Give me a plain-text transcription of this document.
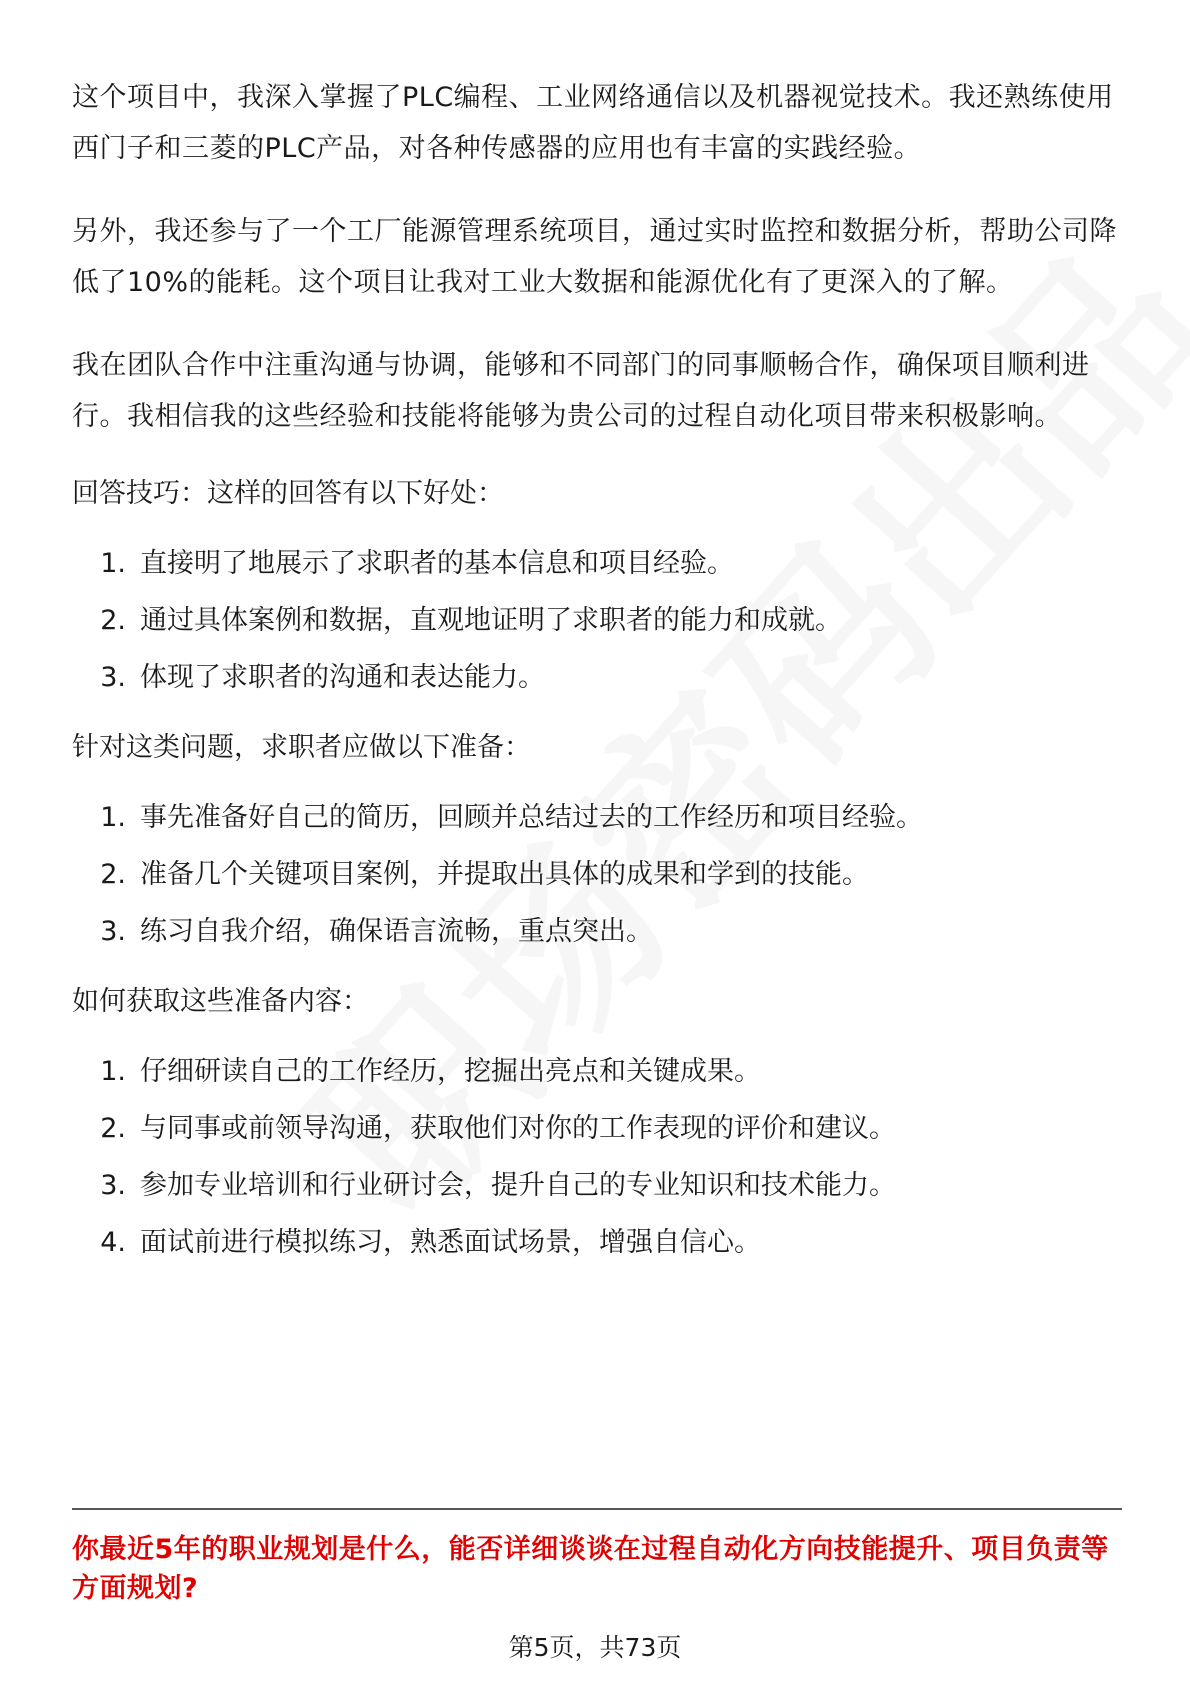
这个项目中，我深入掌握了PLC编程、工业网络通信以及机器视觉技术。我还熟练使用西门子和三菱的PLC产品，对各种传感器的应用也有丰富的实践经验。

另外，我还参与了一个工厂能源管理系统项目，通过实时监控和数据分析，帮助公司降低了10%的能耗。这个项目让我对工业大数据和能源优化有了更深入的了解。

我在团队合作中注重沟通与协调，能够和不同部门的同事顺畅合作，确保项目顺利进行。我相信我的这些经验和技能将能够为贵公司的过程自动化项目带来积极影响。

回答技巧：这样的回答有以下好处：
1. 直接明了地展示了求职者的基本信息和项目经验。
2. 通过具体案例和数据，直观地证明了求职者的能力和成就。
3. 体现了求职者的沟通和表达能力。
针对这类问题，求职者应做以下准备：
1. 事先准备好自己的简历，回顾并总结过去的工作经历和项目经验。
2. 准备几个关键项目案例，并提取出具体的成果和学到的技能。
3. 练习自我介绍，确保语言流畅，重点突出。
如何获取这些准备内容：
1. 仔细研读自己的工作经历，挖掘出亮点和关键成果。
2. 与同事或前领导沟通，获取他们对你的工作表现的评价和建议。
3. 参加专业培训和行业研讨会，提升自己的专业知识和技术能力。
4. 面试前进行模拟练习，熟悉面试场景，增强自信心。
你最近5年的职业规划是什么，能否详细谈谈在过程自动化方向技能提升、项目负责等方面规划?
第5页，共73页
